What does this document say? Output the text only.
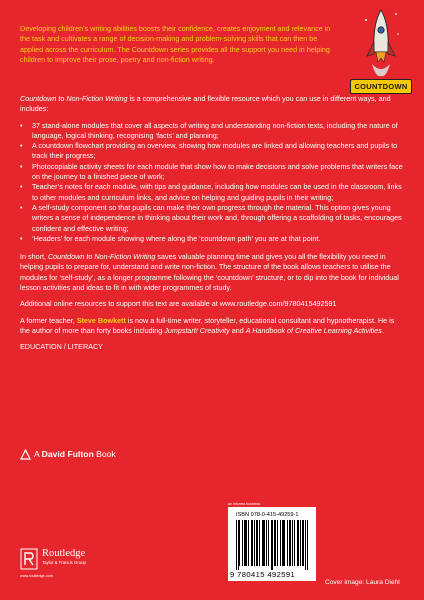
Developing children’s writing abilities boosts their confidence, creates enjoyment and relevance in the task and cultivates a range of decision-making and problem-solving skills that can then be applied across the curriculum. The Countdown series provides all the support you need in helping children to improve their prose, poetry and non-fiction writing.

COUNTDOWN

Countdown to Non-Fiction Writing is a comprehensive and flexible resource which you can use in different ways, and includes:

• 37 stand-alone modules that cover all aspects of writing and understanding non-fiction texts, including the nature of language, logical thinking, recognising ‘facts’ and planning;
• A countdown flowchart providing an overview, showing how modules are linked and allowing teachers and pupils to track their progress;
• Photocopiable activity sheets for each module that show how to make decisions and solve problems that writers face on the journey to a finished piece of work;
• Teacher’s notes for each module, with tips and guidance, including how modules can be used in the classroom, links to other modules and curriculum links, and advice on helping and guiding pupils in their writing;
• A self-study component so that pupils can make their own progress through the material. This option gives young writers a sense of independence in thinking about their work and, through offering a scaffolding of tasks, encourages confident and effective writing;
• ‘Headers’ for each module showing where along the ‘countdown path’ you are at that point.

In short, Countdown to Non-Fiction Writing saves valuable planning time and gives you all the flexibility you need in helping pupils to prepare for, understand and write non-fiction. The structure of the book allows teachers to utilise the modules for ‘self-study’, as a longer programme following the ‘countdown’ structure, or to dip into the book for individual lesson activities and ideas to fit in with wider programmes of study.

Additional online resources to support this text are available at www.routledge.com/9780415492591

A former teacher, Steve Bowkett is now a full-time writer, storyteller, educational consultant and hypnotherapist. He is the author of more than forty books including Jumpstart! Creativity and A Handbook of Creative Learning Activities.

EDUCATION / LITERACY

A David Fulton Book
Routledge
Taylor & Francis Group
www.routledge.com
an informa business
ISBN 978-0-415-49259-1
9 780415 492591
Cover image: Laura Diehl
